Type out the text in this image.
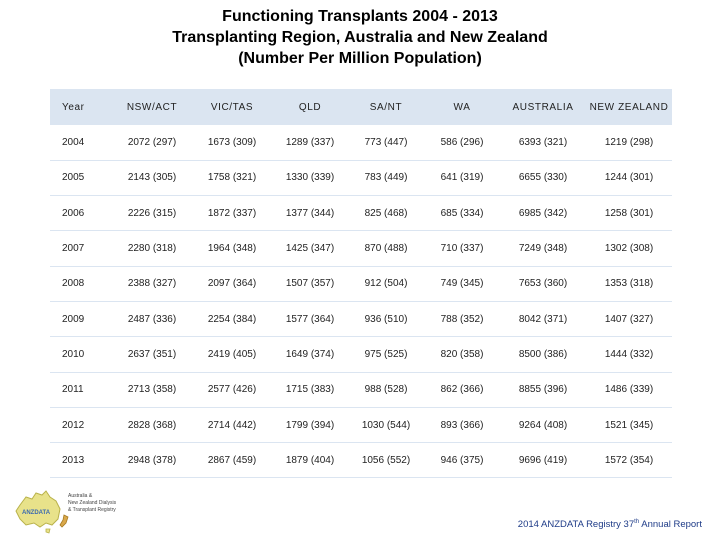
Functioning Transplants 2004 - 2013

Transplanting Region, Australia and New Zealand

(Number Per Million Population)

Year	NSW/ACT	VIC/TAS	QLD	SA/NT	WA	AUSTRALIA	NEW ZEALAND
2004	2072 (297)	1673 (309)	1289 (337)	773 (447)	586 (296)	6393 (321)	1219 (298)
2005	2143 (305)	1758 (321)	1330 (339)	783 (449)	641 (319)	6655 (330)	1244 (301)
2006	2226 (315)	1872 (337)	1377 (344)	825 (468)	685 (334)	6985 (342)	1258 (301)
2007	2280 (318)	1964 (348)	1425 (347)	870 (488)	710 (337)	7249 (348)	1302 (308)
2008	2388 (327)	2097 (364)	1507 (357)	912 (504)	749 (345)	7653 (360)	1353 (318)
2009	2487 (336)	2254 (384)	1577 (364)	936 (510)	788 (352)	8042 (371)	1407 (327)
2010	2637 (351)	2419 (405)	1649 (374)	975 (525)	820 (358)	8500 (386)	1444 (332)
2011	2713 (358)	2577 (426)	1715 (383)	988 (528)	862 (366)	8855 (396)	1486 (339)
2012	2828 (368)	2714 (442)	1799 (394)	1030 (544)	893 (366)	9264 (408)	1521 (345)
2013	2948 (378)	2867 (459)	1879 (404)	1056 (552)	946 (375)	9696 (419)	1572 (354)
ANZDATA
Australia &
New Zealand Dialysis
& Transplant Registry
2014 ANZDATA Registry 37th Annual Report
